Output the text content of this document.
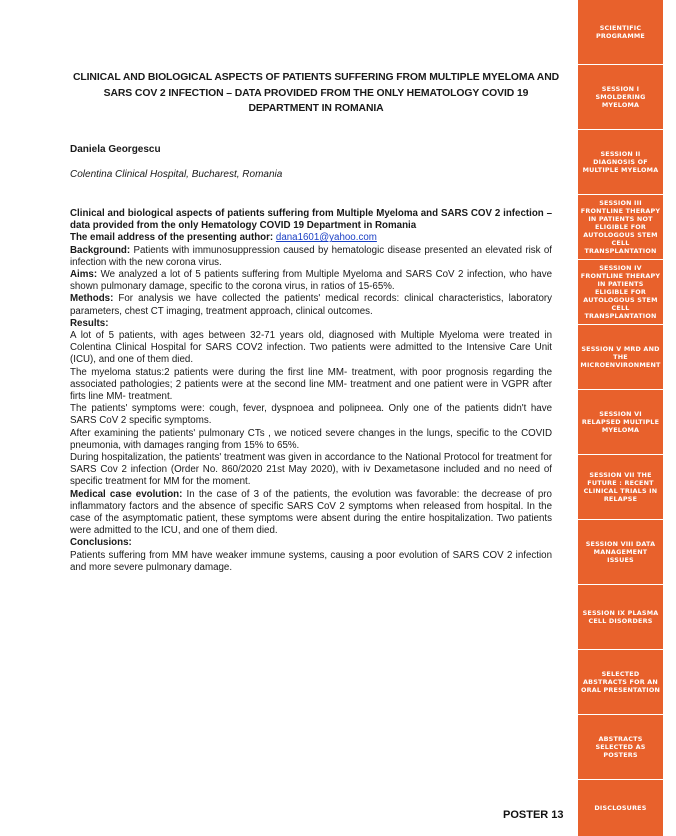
CLINICAL AND BIOLOGICAL ASPECTS OF PATIENTS SUFFERING FROM MULTIPLE MYELOMA AND SARS COV 2 INFECTION – DATA PROVIDED FROM THE ONLY HEMATOLOGY COVID 19 DEPARTMENT IN ROMANIA
Daniela Georgescu
Colentina Clinical Hospital, Bucharest, Romania

Clinical and biological aspects of patients suffering from Multiple Myeloma and SARS COV 2 infection – data provided from the only Hematology COVID 19 Department in Romania

The email address of the presenting author: dana1601@yahoo.com

Background: Patients with immunosuppression caused by hematologic disease presented an elevated risk of infection with the new corona virus.

Aims: We analyzed a lot of 5 patients suffering from Multiple Myeloma and SARS CoV 2 infection, who have shown pulmonary damage, specific to the corona virus, in ratios of 15-65%.

Methods: For analysis we have collected the patients' medical records: clinical characteristics, laboratory parameters, chest CT imaging, treatment approach, clinical outcomes.

Results:

A lot of 5 patients, with ages between 32-71 years old, diagnosed with Multiple Myeloma were treated in Colentina Clinical Hospital for SARS COV2 infection. Two patients were admitted to the Intensive Care Unit (ICU), and one of them died.

The myeloma status:2 patients were during the first line MM- treatment, with poor prognosis regarding the associated pathologies; 2 patients were at the second line MM- treatment and one patient were in VGPR after firts line MM- treatment.

The patients' symptoms were: cough, fever, dyspnoea and polipneea. Only one of the patients didn't have SARS CoV 2 specific symptoms.

After examining the patients' pulmonary CTs , we noticed severe changes in the lungs, specific to the COVID pneumonia, with damages ranging from 15% to 65%.

During hospitalization, the patients' treatment was given in accordance to the National Protocol for treatment for SARS Cov 2 infection (Order No. 860/2020 21st May 2020), with iv Dexametasone included and no need of specific treatment for MM for the moment.

Medical case evolution: In the case of 3 of the patients, the evolution was favorable: the decrease of pro inflammatory factors and the absence of specific SARS CoV 2 symptoms when released from hospital. In the case of the asymptomatic patient, these symptoms were absent during the entire hospitalization. Two patients were admitted to the ICU, and one of them died.

Conclusions:

Patients suffering from MM have weaker immune systems, causing a poor evolution of SARS COV 2 infection and more severe pulmonary damage.

POSTER 13
SCIENTIFIC PROGRAMME
SESSION I SMOLDERING MYELOMA
SESSION II DIAGNOSIS OF MULTIPLE MYELOMA
SESSION III FRONTLINE THERAPY IN PATIENTS NOT ELIGIBLE FOR AUTOLOGOUS STEM CELL TRANSPLANTATION
SESSION IV FRONTLINE THERAPY IN PATIENTS ELIGIBLE FOR AUTOLOGOUS STEM CELL TRANSPLANTATION
SESSION V MRD AND THE MICROENVIRONMENT
SESSION VI RELAPSED MULTIPLE MYELOMA
SESSION VII THE FUTURE : RECENT CLINICAL TRIALS IN RELAPSE
SESSION VIII DATA MANAGEMENT ISSUES
SESSION IX PLASMA CELL DISORDERS
SELECTED ABSTRACTS FOR AN ORAL PRESENTATION
ABSTRACTS SELECTED AS POSTERS
DISCLOSURES
